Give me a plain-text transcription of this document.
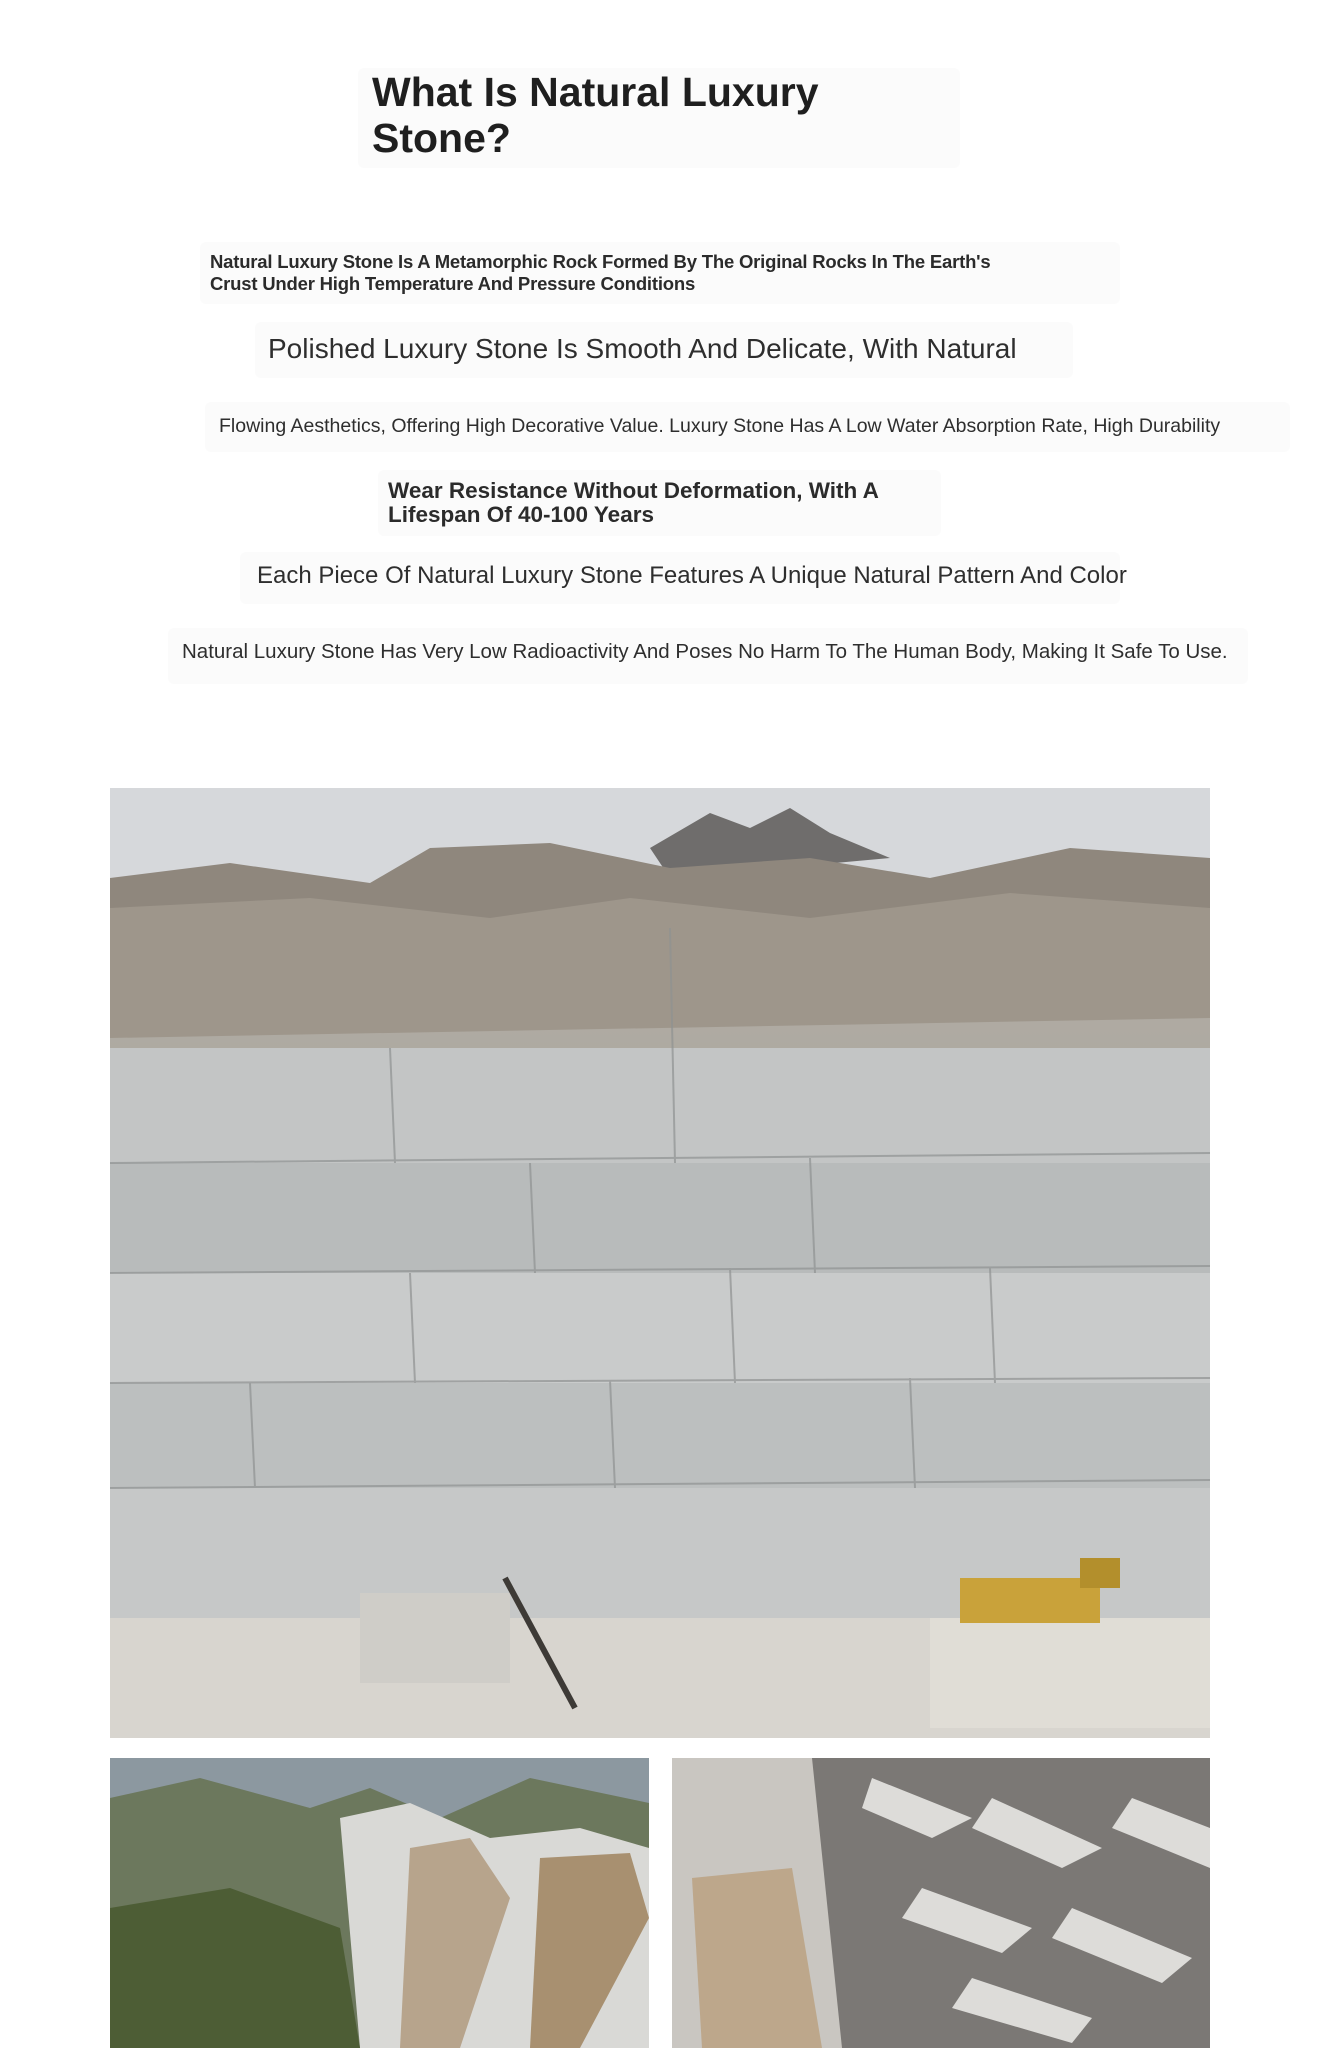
What Is Natural Luxury Stone?

Natural Luxury Stone Is A Metamorphic Rock Formed By The Original Rocks In The Earth's Crust Under High Temperature And Pressure Conditions

Polished Luxury Stone Is Smooth And Delicate, With Natural

Flowing Aesthetics, Offering High Decorative Value. Luxury Stone Has A Low Water Absorption Rate, High Durability

Wear Resistance Without Deformation, With A Lifespan Of 40-100 Years

Each Piece Of Natural Luxury Stone Features A Unique Natural Pattern And Color

Natural Luxury Stone Has Very Low Radioactivity And Poses No Harm To The Human Body, Making It Safe To Use.
